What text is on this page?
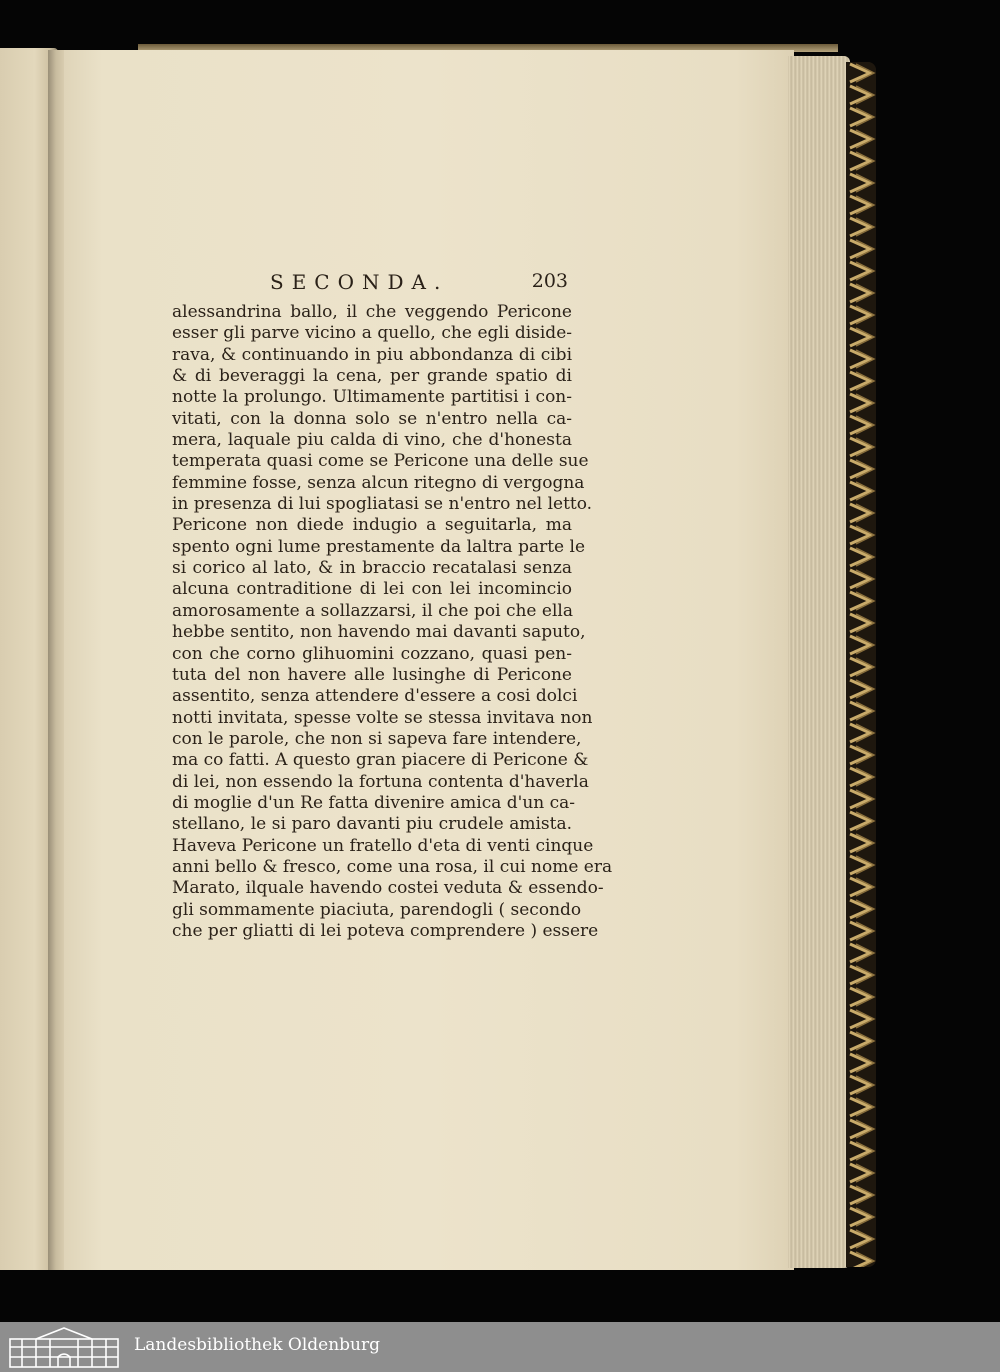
SECONDA.	203
alessandrina ballo, il che veggendo Pericone
esser gli parve vicino a quello, che egli diside-
rava, & continuando in piu abbondanza di cibi
& di beveraggi la cena, per grande spatio di
notte la prolungo. Ultimamente partitisi i con-
vitati, con la donna solo se n'entro nella ca-
mera, laquale piu calda di vino, che d'honesta
temperata quasi come se Pericone una delle sue
femmine fosse, senza alcun ritegno di vergogna
in presenza di lui spogliatasi se n'entro nel letto.
Pericone non diede indugio a seguitarla, ma
spento ogni lume prestamente da laltra parte le
si corico al lato, & in braccio recatalasi senza
alcuna contraditione di lei con lei incomincio
amorosamente a sollazzarsi, il che poi che ella
hebbe sentito, non havendo mai davanti saputo,
con che corno glihuomini cozzano, quasi pen-
tuta del non havere alle lusinghe di Pericone
assentito, senza attendere d'essere a cosi dolci
notti invitata, spesse volte se stessa invitava non
con le parole, che non si sapeva fare intendere,
ma co fatti. A questo gran piacere di Pericone &
di lei, non essendo la fortuna contenta d'haverla
di moglie d'un Re fatta divenire amica d'un ca-
stellano, le si paro davanti piu crudele amista.
Haveva Pericone un fratello d'eta di venti cinque
anni bello & fresco, come una rosa, il cui nome era
Marato, ilquale havendo costei veduta & essendo-
gli sommamente piaciuta, parendogli ( secondo
che per gliatti di lei poteva comprendere ) essere
Landesbibliothek Oldenburg
